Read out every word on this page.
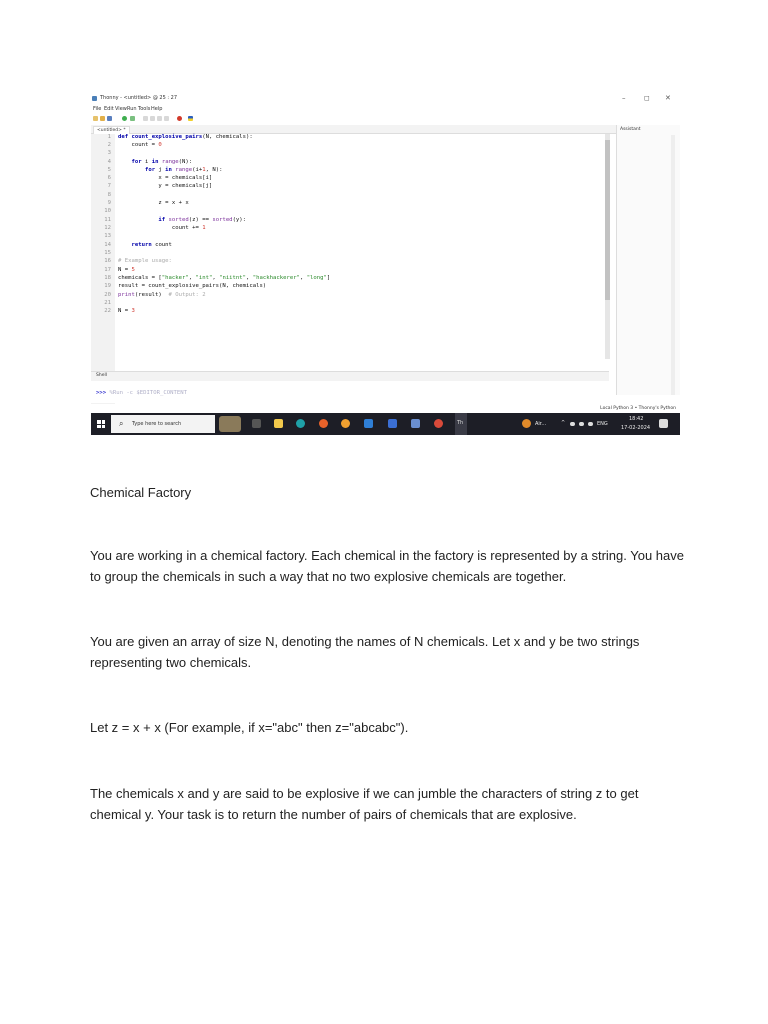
Thonny - <untitled> @ 25 : 27	–	◻ ✕
File Edit View Run Tools Help
<untitled> *
1
2
3
4
5
6
7
8
9
10
11
12
13
14
15
16
17
18
19
20
21
22
def count_explosive_pairs(N, chemicals):
count = 0
for i in range(N):
for j in range(i+1, N):
x = chemicals[i]
y = chemicals[j]
z = x + x
if sorted(z) == sorted(y):
count += 1
return count
# Example usage:
N = 5
chemicals = ["hacker", "int", "niitnt", "hackhackerer", "long"]
result = count_explosive_pairs(N, chemicals)
print(result)  # Output: 2
N = 3
Assistant
Shell
>>> %Run -c $EDITOR_CONTENT
Local Python 3 • Thonny's Python
⌕ Type here to search	Th	Air...	^	ENG
18:42
17-02-2024
Chemical Factory
You are working in a chemical factory. Each chemical in the factory is represented by a string. You have to group the chemicals in such a way that no two explosive chemicals are together.
You are given an array of size N, denoting the names of N chemicals. Let x and y be two strings representing two chemicals.
Let z = x + x (For example, if x="abc" then z="abcabc").
The chemicals x and y are said to be explosive if we can jumble the characters of string z to get chemical y. Your task is to return the number of pairs of chemicals that are explosive.
